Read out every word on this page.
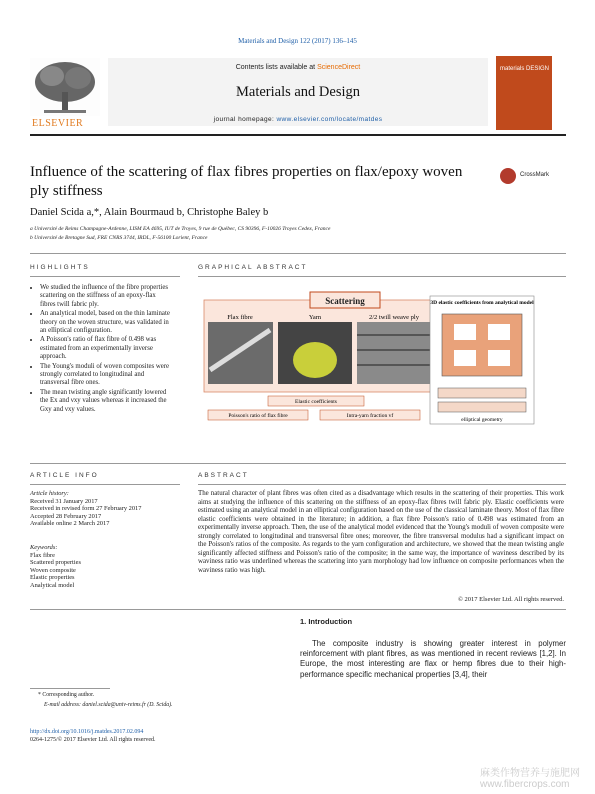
Materials and Design 122 (2017) 136–145
ELSEVIER
Contents lists available at ScienceDirect
Materials and Design
journal homepage: www.elsevier.com/locate/matdes
materials DESIGN
Influence of the scattering of flax fibres properties on flax/epoxy woven ply stiffness
CrossMark
Daniel Scida a,*, Alain Bourmaud b, Christophe Baley b
a Université de Reims Champagne-Ardenne, LISM EA 4695, IUT de Troyes, 9 rue de Québec, CS 90396, F-10026 Troyes Cedex, France
b Université de Bretagne Sud, FRE CNRS 3744, IRDL, F-56100 Lorient, France
HIGHLIGHTS
• We studied the influence of the fibre properties scattering on the stiffness of an epoxy-flax fibres twill fabric ply.
• An analytical model, based on the thin laminate theory on the woven structure, was validated in an elliptical configuration.
• A Poisson's ratio of flax fibre of 0.498 was estimated from an experimentally inverse approach.
• The Young's moduli of woven composites were strongly correlated to longitudinal and transversal fibre ones.
• The mean twisting angle significantly lowered the Ex and νxy values whereas it increased the Gxy and νxy values.
GRAPHICAL ABSTRACT
Scattering
Flax fibre	Yarn	2/2 twill weave ply
3D elastic coefficients from analytical model
elliptical geometry
Elastic coefficients
Poisson's ratio of flax fibre	Intra-yarn fraction vf
ARTICLE INFO
Article history:
Received 31 January 2017
Received in revised form 27 February 2017
Accepted 28 February 2017
Available online 2 March 2017
Keywords:
Flax fibre
Scattered properties
Woven composite
Elastic properties
Analytical model
ABSTRACT
The natural character of plant fibres was often cited as a disadvantage which results in the scattering of their properties. This work aims at studying the influence of this scattering on the stiffness of an epoxy-flax fibres twill fabric ply. Elastic coefficients were estimated using an analytical model in an elliptical configuration based on the use of the classical laminate theory. Most of flax fibre elastic coefficients were obtained in the literature; in addition, a flax fibre Poisson's ratio of 0.498 was estimated from an experimentally inverse approach. Then, the use of the analytical model evidenced that the Young's moduli of woven composite were strongly correlated to longitudinal and transversal fibre ones; moreover, the fibre transversal modulus had a significant impact on the Poisson's ratios of the composite. As regards to the yarn configuration and architecture, we showed that the mean twisting angle significantly affected stiffness and Poisson's ratio of the composite; in the same way, the importance of waviness described by its waviness ratio was underlined whereas the scattering into yarn morphology had low influence on composite performances when the waviness ratio was high.
© 2017 Elsevier Ltd. All rights reserved.
1. Introduction
The composite industry is showing greater interest in polymer reinforcement with plant fibres, as was mentioned in recent reviews [1,2]. In Europe, the most interesting are flax or hemp fibres due to their high-performance specific mechanical properties [3,4], their
* Corresponding author.
E-mail address: daniel.scida@univ-reims.fr (D. Scida).
http://dx.doi.org/10.1016/j.matdes.2017.02.094
0264-1275/© 2017 Elsevier Ltd. All rights reserved.
麻类作物营养与施肥网 www.fibercrops.com
